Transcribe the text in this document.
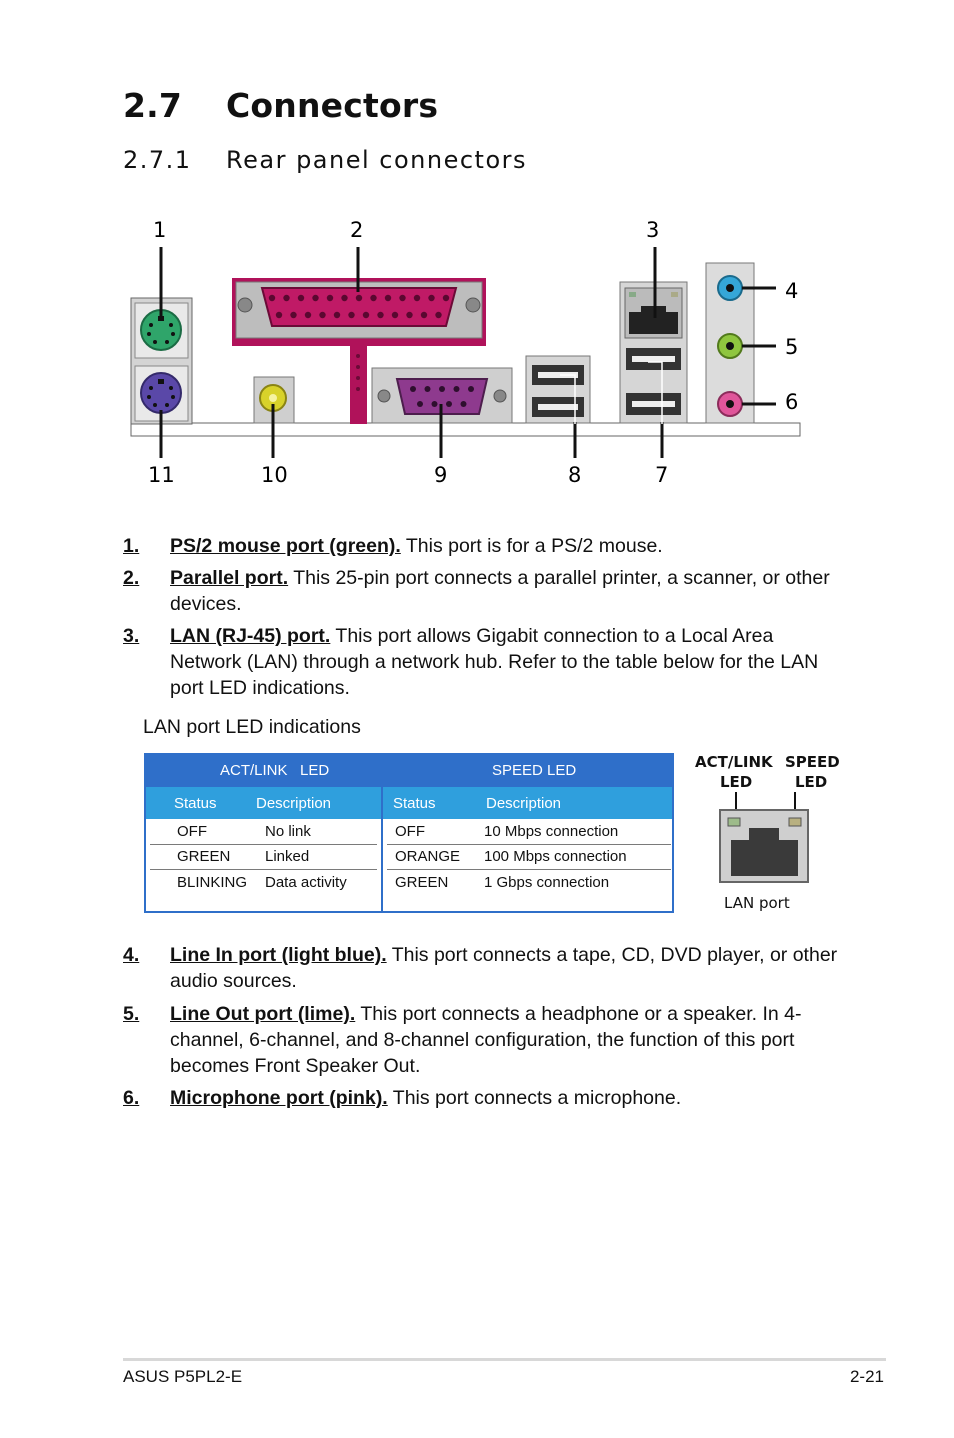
2.7 Connectors
2.7.1 Rear panel connectors
1	2	3
4
5
6
11	10	9	8	7
1. PS/2 mouse port (green). This port is for a PS/2 mouse.
2. Parallel port. This 25-pin port connects a parallel printer, a scanner, or other devices.
3. LAN (RJ-45) port. This port allows Gigabit connection to a Local Area Network (LAN) through a network hub. Refer to the table below for the LAN port LED indications.
LAN port LED indications
ACT/LINK   LED	SPEED LED
Status	Description	Status	Description
OFF	No link	OFF	10 Mbps connection
GREEN Linked	ORANGE 100 Mbps connection
BLINKING Data activity	GREEN 1 Gbps connection
ACT/LINK SPEED
LED	LED
LAN port
4. Line In port (light blue). This port connects a tape, CD, DVD player, or other audio sources.
5. Line Out port (lime). This port connects a headphone or a speaker. In 4-channel, 6-channel, and 8-channel configuration, the function of this port becomes Front Speaker Out.
6. Microphone port (pink). This port connects a microphone.
ASUS P5PL2-E	2-21
